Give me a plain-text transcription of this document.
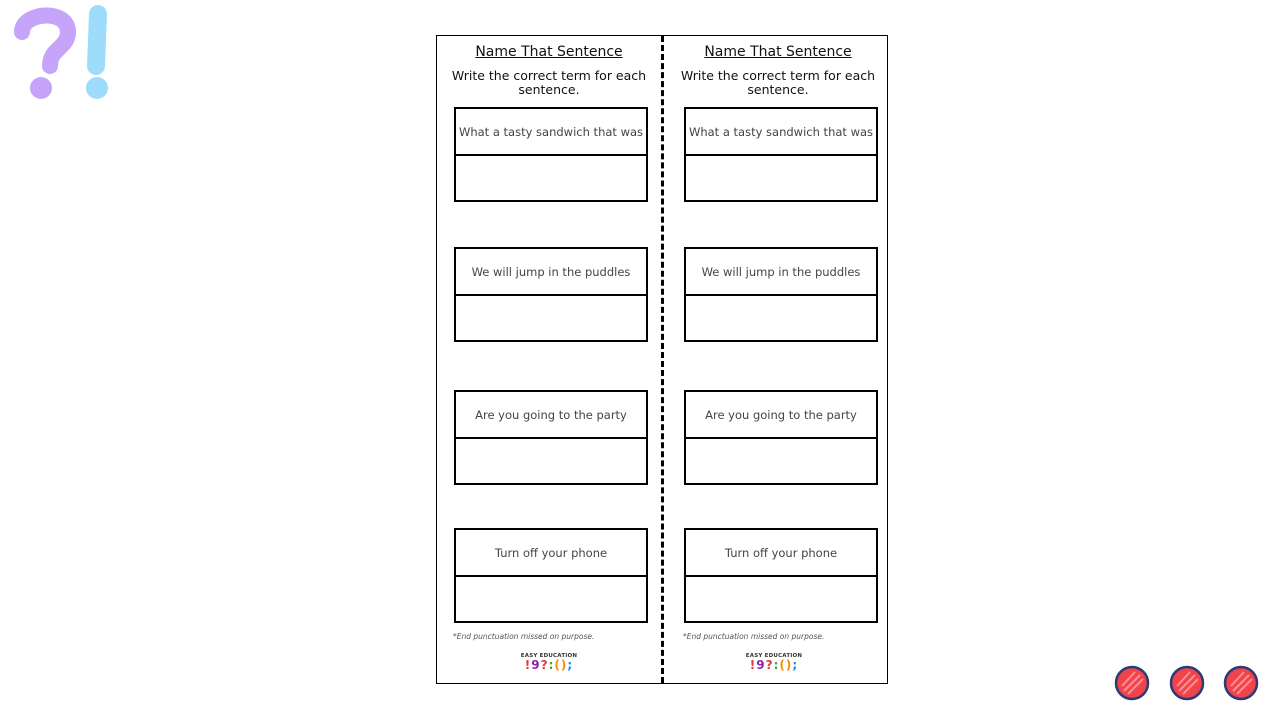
Name That Sentence
Write the correct term for each sentence.
What a tasty sandwich that was
We will jump in the puddles
Are you going to the party
Turn off your phone
*End punctuation missed on purpose.
EASY EDUCATION
!9?:();
Name That Sentence
Write the correct term for each sentence.
What a tasty sandwich that was
We will jump in the puddles
Are you going to the party
Turn off your phone
*End punctuation missed on purpose.
EASY EDUCATION
!9?:();
